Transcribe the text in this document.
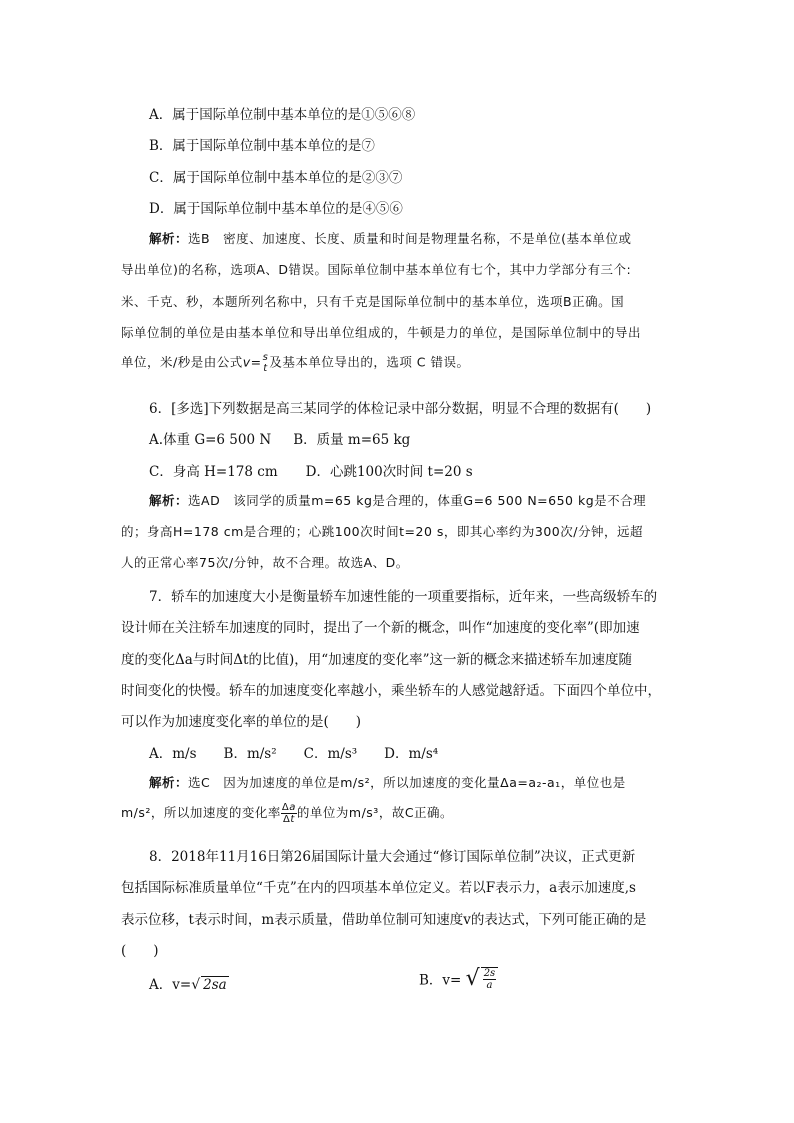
A．属于国际单位制中基本单位的是①⑤⑥⑧
B．属于国际单位制中基本单位的是⑦
C．属于国际单位制中基本单位的是②③⑦
D．属于国际单位制中基本单位的是④⑤⑥
解析：选B　密度、加速度、长度、质量和时间是物理量名称，不是单位(基本单位或
导出单位)的名称，选项A、D错误。国际单位制中基本单位有七个，其中力学部分有三个:
米、千克、秒，本题所列名称中，只有千克是国际单位制中的基本单位，选项B正确。国
际单位制的单位是由基本单位和导出单位组成的，牛顿是力的单位，是国际单位制中的导出
单位，米/秒是由公式v= s
t 及基本单位导出的，选项 C 错误。
6．[多选]下列数据是高三某同学的体检记录中部分数据，明显不合理的数据有(　　)
A.体重 G=6 500 N B．质量 m=65 kg
C．身高 H=178 cm D．心跳100次时间 t=20 s
解析：选AD　该同学的质量m=65 kg是合理的，体重G=6 500 N=650 kg是不合理
的；身高H=178 cm是合理的；心跳100次时间t=20 s，即其心率约为300次/分钟，远超
人的正常心率75次/分钟，故不合理。故选A、D。
7．轿车的加速度大小是衡量轿车加速性能的一项重要指标，近年来，一些高级轿车的
设计师在关注轿车加速度的同时，提出了一个新的概念，叫作“加速度的变化率”(即加速
度的变化Δa与时间Δt的比值)，用“加速度的变化率”这一新的概念来描述轿车加速度随
时间变化的快慢。轿车的加速度变化率越小，乘坐轿车的人感觉越舒适。下面四个单位中，
可以作为加速度变化率的单位的是(　　)
A．m/s　　B．m/s²　　C．m/s³　　D．m/s⁴
解析：选C　因为加速度的单位是m/s²，所以加速度的变化量Δa=a₂-a₁，单位也是
m/s²，所以加速度的变化率 $\frac{\Delta a}{\Delta t}$ 的单位为m/s³，故C正确。
8．2018年11月16日第26届国际计量大会通过“修订国际单位制”决议，正式更新
包括国际标准质量单位“千克”在内的四项基本单位定义。若以F表示力，a表示加速度,s
表示位移，t表示时间，m表示质量，借助单位制可知速度v的表达式，下列可能正确的是
(　　)
A．v=√ 2sa	B．v= √ $\frac{2s}{a}$
